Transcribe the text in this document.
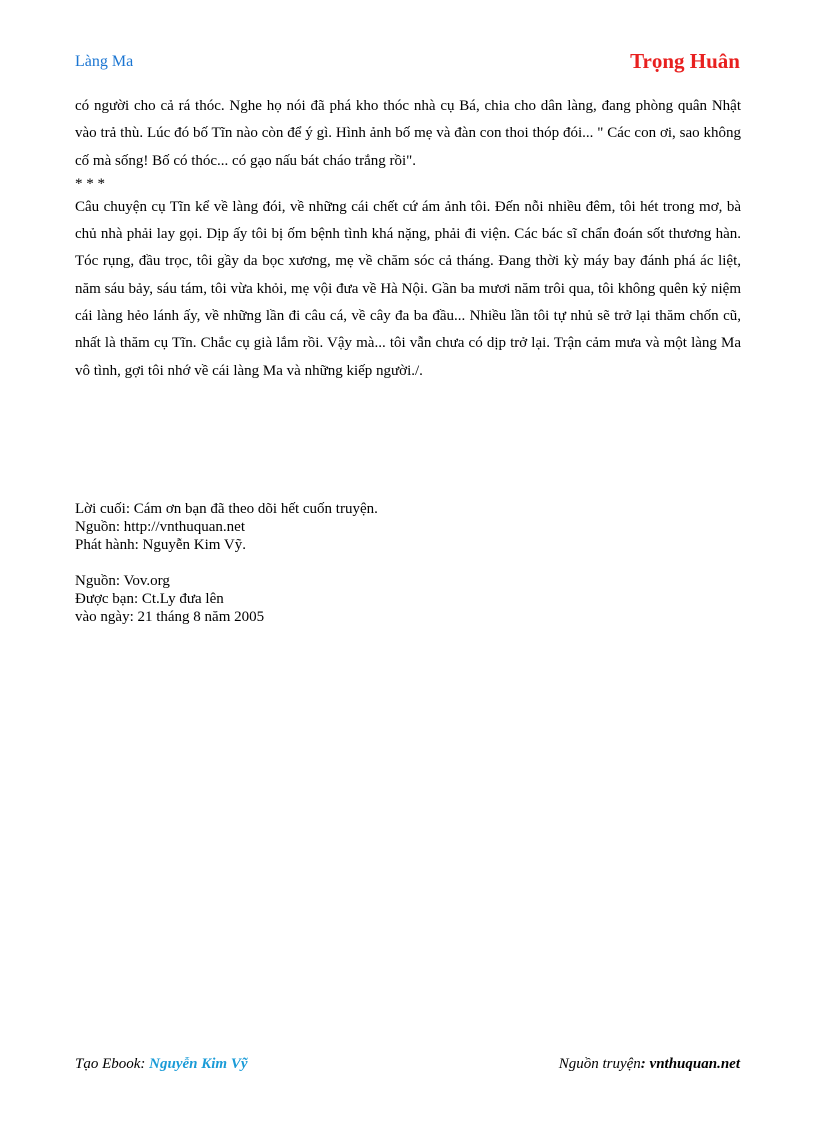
Làng Ma	Trọng Huân

có người cho cả rá thóc. Nghe họ nói đã phá kho thóc nhà cụ Bá, chia cho dân làng, đang phòng quân Nhật vào trả thù. Lúc đó bố Tĩn nào còn để ý gì. Hình ảnh bố mẹ và đàn con thoi thóp đói... " Các con ơi, sao không cố mà sống! Bố có thóc... có gạo nấu bát cháo trắng rồi".

* * *

Câu chuyện cụ Tĩn kể về làng đói, về những cái chết cứ ám ảnh tôi. Đến nỗi nhiều đêm, tôi hét trong mơ, bà chủ nhà phải lay gọi. Dịp ấy tôi bị ốm bệnh tình khá nặng, phải đi viện. Các bác sĩ chẩn đoán sốt thương hàn. Tóc rụng, đầu trọc, tôi gầy da bọc xương, mẹ về chăm sóc cả tháng. Đang thời kỳ máy bay đánh phá ác liệt, năm sáu bảy, sáu tám, tôi vừa khỏi, mẹ vội đưa về Hà Nội. Gần ba mươi năm trôi qua, tôi không quên kỷ niệm cái làng hẻo lánh ấy, về những lần đi câu cá, về cây đa ba đầu... Nhiều lần tôi tự nhủ sẽ trở lại thăm chốn cũ, nhất là thăm cụ Tĩn. Chắc cụ già lắm rồi. Vậy mà... tôi vẫn chưa có dịp trở lại. Trận cảm mưa và một làng Ma vô tình, gợi tôi nhớ về cái làng Ma và những kiếp người./.

Lời cuối: Cám ơn bạn đã theo dõi hết cuốn truyện.

Nguồn: http://vnthuquan.net

Phát hành: Nguyễn Kim Vỹ.

Nguồn: Vov.org

Được bạn: Ct.Ly đưa lên

vào ngày: 21 tháng 8 năm 2005

Tạo Ebook: Nguyễn Kim Vỹ	Nguồn truyện: vnthuquan.net
